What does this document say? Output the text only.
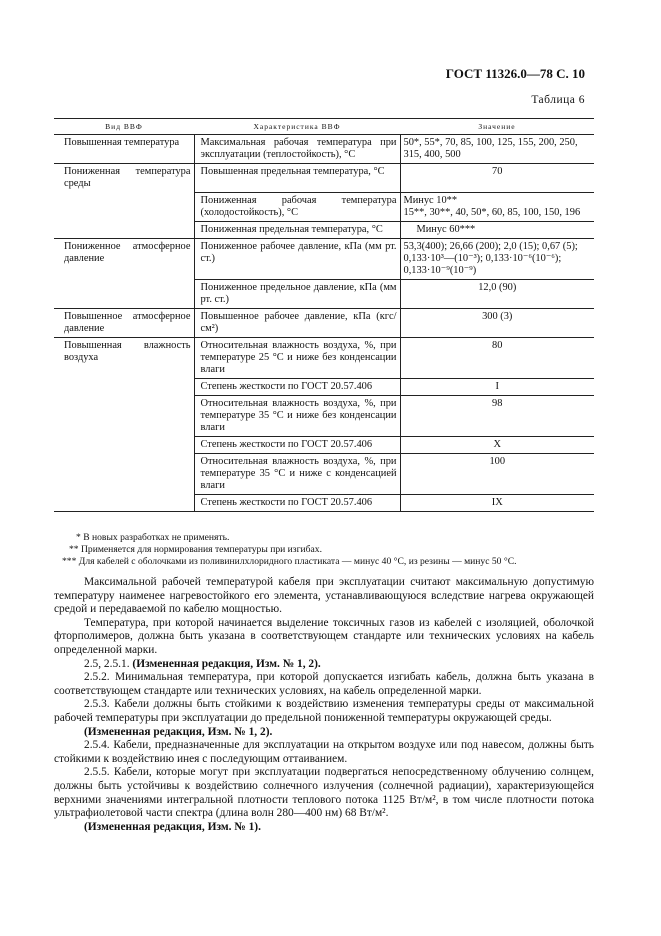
ГОСТ 11326.0—78 С. 10
Таблица 6
Вид ВВФ	Характеристика ВВФ	Значение
Повышенная температура	Максимальная рабочая температура при эксплуатации (теплостойкость), °С	50*, 55*, 70, 85, 100, 125, 155, 200, 250, 315, 400, 500
Пониженная температура среды	Повышенная предельная температура, °С	70
	Пониженная рабочая температура (холодостойкость), °С	Минус 10**
15**, 30**, 40, 50*, 60, 85, 100, 150, 196

	Пониженная предельная температура, °С	Минус 60***
Пониженное атмосферное давление	Пониженное рабочее давление, кПа (мм рт. ст.)	53,3(400); 26,66 (200); 2,0 (15); 0,67 (5);
0,133·10³—(10⁻³); 0,133·10⁻⁶(10⁻⁶);
0,133·10⁻⁹(10⁻⁹)

	Пониженное предельное давление, кПа (мм рт. ст.)	12,0 (90)
Повышенное атмосферное давление	Повышенное рабочее давление, кПа (кгс/см²)	300 (3)
Повышенная влажность воздуха	Относительная влажность воздуха, %, при температуре 25 °С и ниже без конденсации влаги	80
	Степень жесткости по ГОСТ 20.57.406	I
	Относительная влажность воздуха, %, при температуре 35 °С и ниже без конденсации влаги	98
	Степень жесткости по ГОСТ 20.57.406	X
	Относительная влажность воздуха, %, при температуре 35 °С и ниже с конденсацией влаги	100
	Степень жесткости по ГОСТ 20.57.406	IX
* В новых разработках не применять.
** Применяется для нормирования температуры при изгибах.
*** Для кабелей с оболочками из поливинилхлоридного пластиката — минус 40 °С, из резины — минус 50 °С.

Максимальной рабочей температурой кабеля при эксплуатации считают максимальную допустимую температуру наименее нагревостойкого его элемента, устанавливающуюся вследствие нагрева окружающей средой и передаваемой по кабелю мощностью.

Температура, при которой начинается выделение токсичных газов из кабелей с изоляцией, оболочкой фторполимеров, должна быть указана в соответствующем стандарте или технических условиях на кабель определенной марки.

2.5, 2.5.1. (Измененная редакция, Изм. № 1, 2).

2.5.2. Минимальная температура, при которой допускается изгибать кабель, должна быть указана в соответствующем стандарте или технических условиях, на кабель определенной марки.

2.5.3. Кабели должны быть стойкими к воздействию изменения температуры среды от максимальной рабочей температуры при эксплуатации до предельной пониженной температуры окружающей среды.

(Измененная редакция, Изм. № 1, 2).

2.5.4. Кабели, предназначенные для эксплуатации на открытом воздухе или под навесом, должны быть стойкими к воздействию инея с последующим оттаиванием.

2.5.5. Кабели, которые могут при эксплуатации подвергаться непосредственному облучению солнцем, должны быть устойчивы к воздействию солнечного излучения (солнечной радиации), характеризующейся верхними значениями интегральной плотности теплового потока 1125 Вт/м², в том числе плотности потока ультрафиолетовой части спектра (длина волн 280—400 нм) 68 Вт/м².

(Измененная редакция, Изм. № 1).
